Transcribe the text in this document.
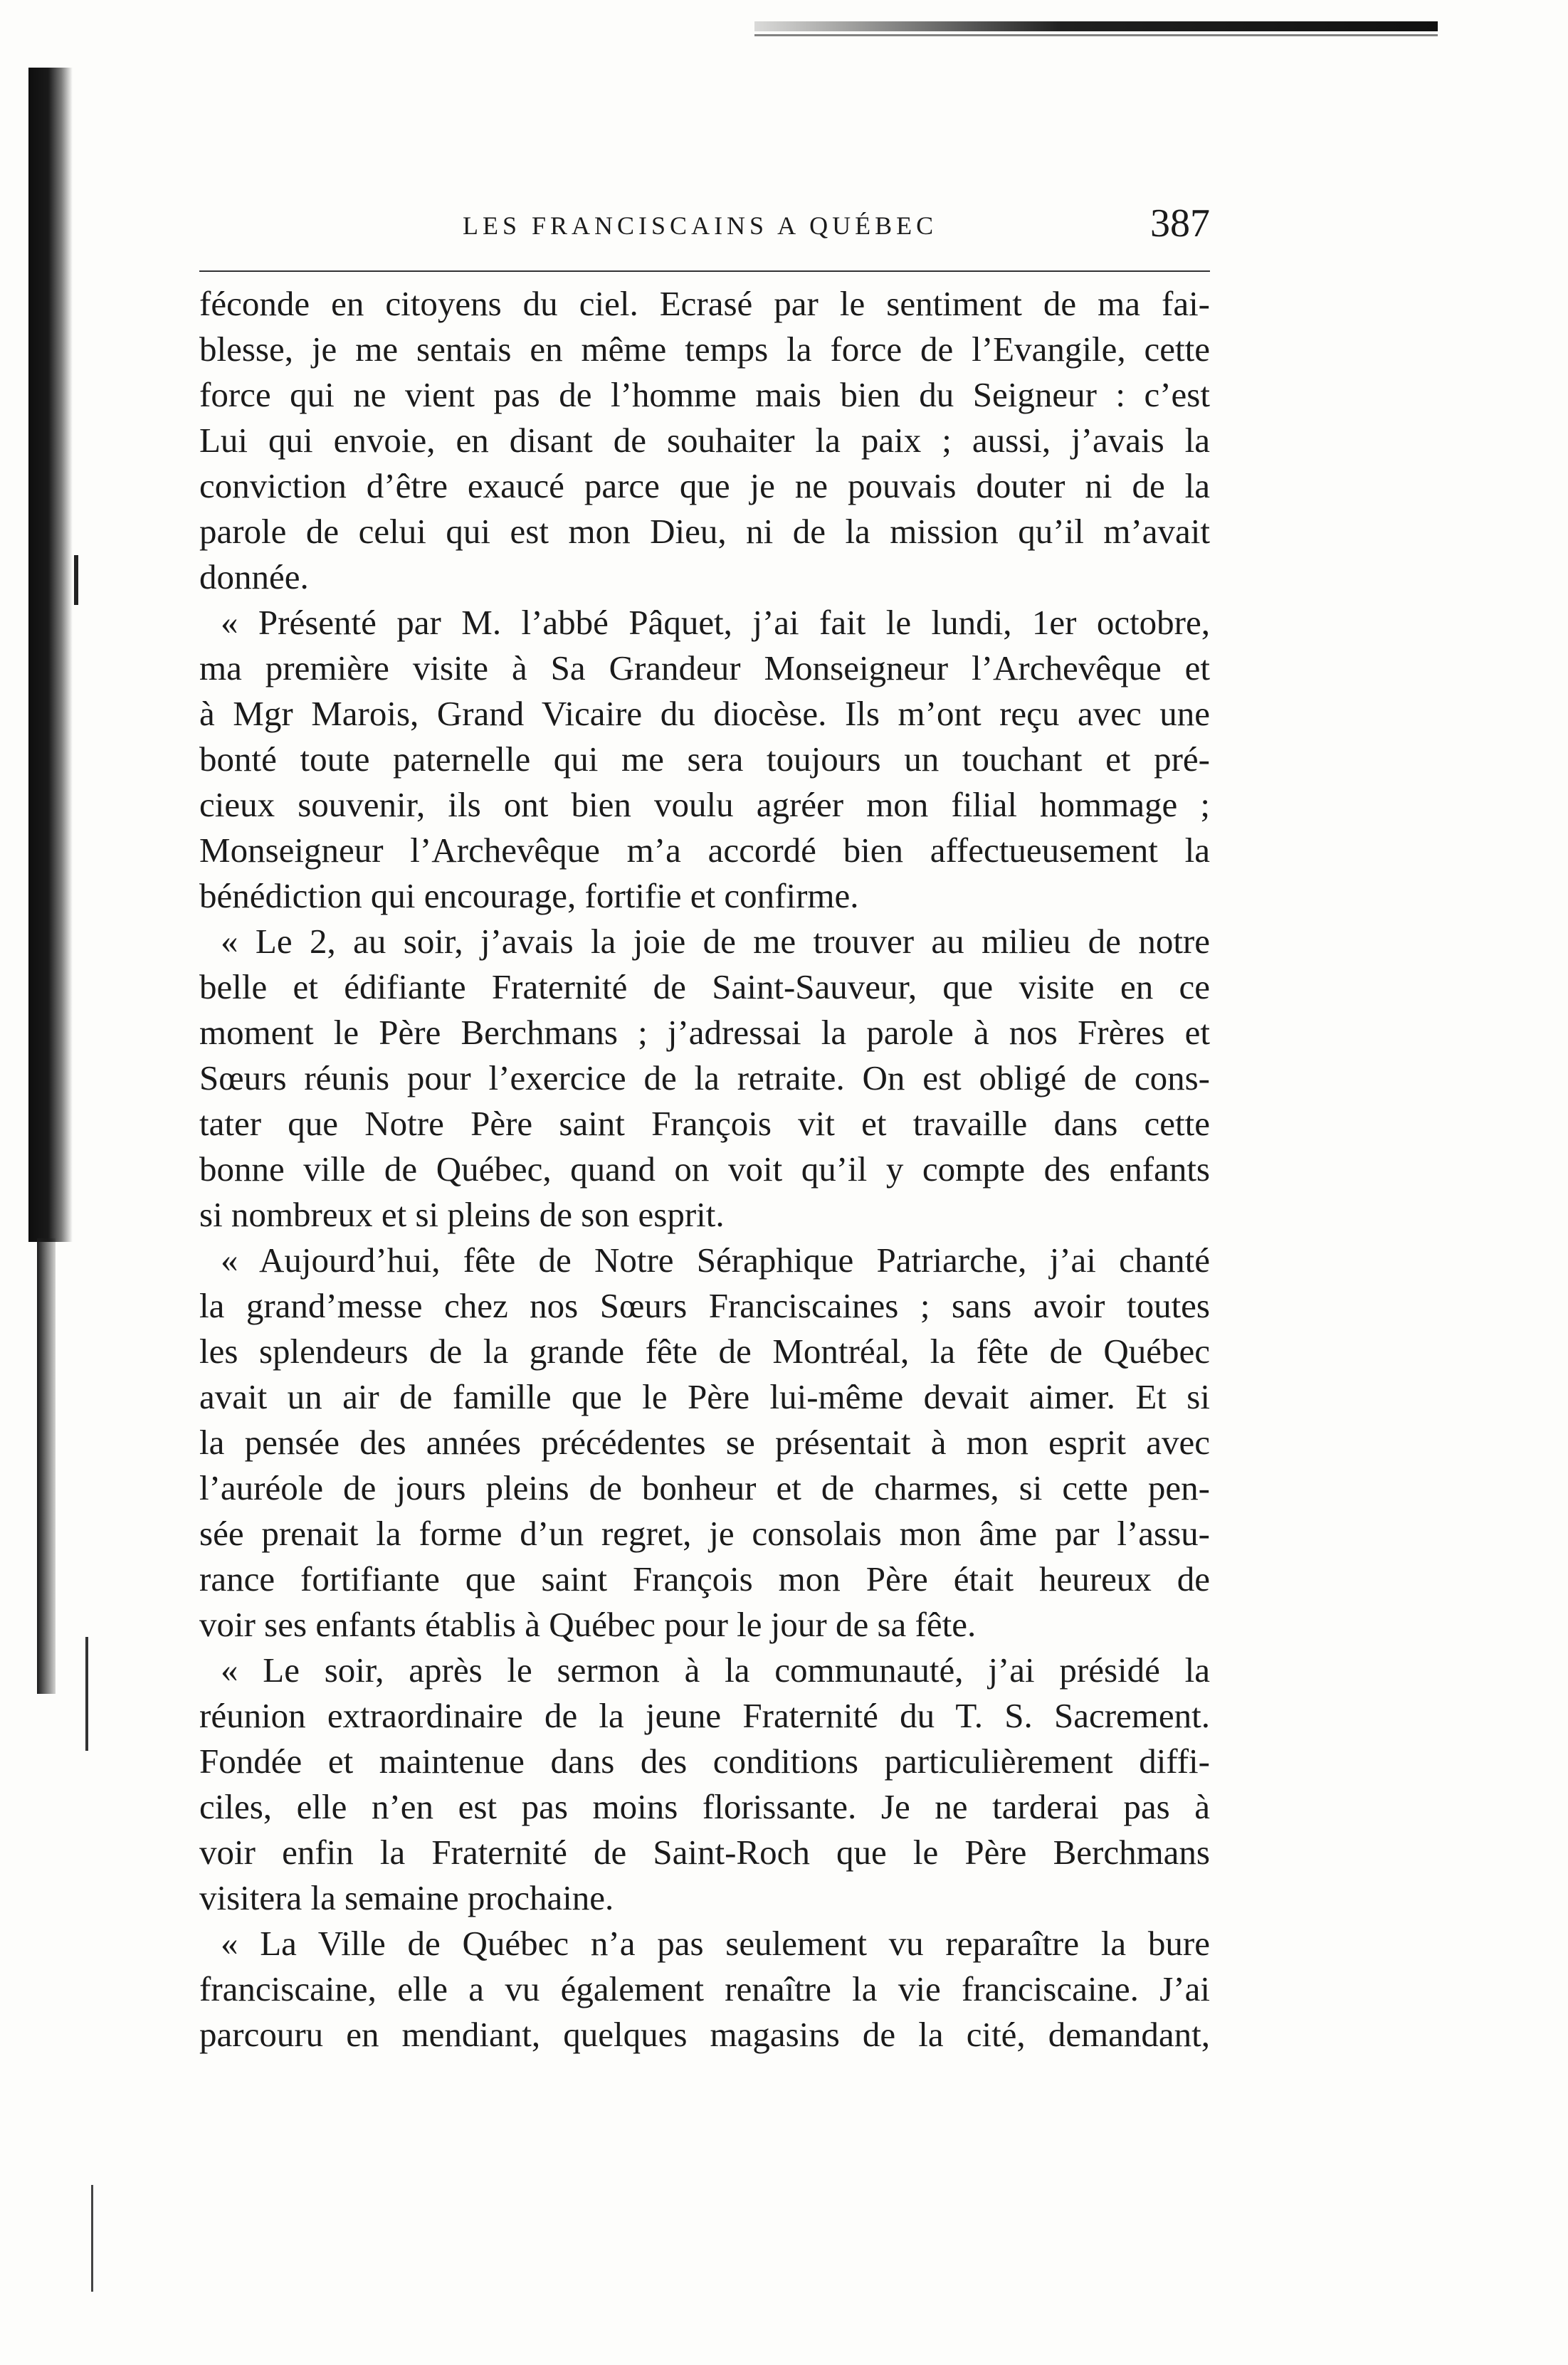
LES FRANCISCAINS A QUÉBEC	387
féconde en citoyens du ciel. Ecrasé par le sentiment de ma fai-
blesse, je me sentais en même temps la force de l’Evangile, cette
force qui ne vient pas de l’homme mais bien du Seigneur : c’est
Lui qui envoie, en disant de souhaiter la paix ; aussi, j’avais la
conviction d’être exaucé parce que je ne pouvais douter ni de la
parole de celui qui est mon Dieu, ni de la mission qu’il m’avait
donnée.
« Présenté par M. l’abbé Pâquet, j’ai fait le lundi, 1er octobre,
ma première visite à Sa Grandeur Monseigneur l’Archevêque et
à Mgr Marois, Grand Vicaire du diocèse. Ils m’ont reçu avec une
bonté toute paternelle qui me sera toujours un touchant et pré-
cieux souvenir, ils ont bien voulu agréer mon filial hommage ;
Monseigneur l’Archevêque m’a accordé bien affectueusement la
bénédiction qui encourage, fortifie et confirme.
« Le 2, au soir, j’avais la joie de me trouver au milieu de notre
belle et édifiante Fraternité de Saint-Sauveur, que visite en ce
moment le Père Berchmans ; j’adressai la parole à nos Frères et
Sœurs réunis pour l’exercice de la retraite. On est obligé de cons-
tater que Notre Père saint François vit et travaille dans cette
bonne ville de Québec, quand on voit qu’il y compte des enfants
si nombreux et si pleins de son esprit.
« Aujourd’hui, fête de Notre Séraphique Patriarche, j’ai chanté
la grand’messe chez nos Sœurs Franciscaines ; sans avoir toutes
les splendeurs de la grande fête de Montréal, la fête de Québec
avait un air de famille que le Père lui-même devait aimer. Et si
la pensée des années précédentes se présentait à mon esprit avec
l’auréole de jours pleins de bonheur et de charmes, si cette pen-
sée prenait la forme d’un regret, je consolais mon âme par l’assu-
rance fortifiante que saint François mon Père était heureux de
voir ses enfants établis à Québec pour le jour de sa fête.
« Le soir, après le sermon à la communauté, j’ai présidé la
réunion extraordinaire de la jeune Fraternité du T. S. Sacrement.
Fondée et maintenue dans des conditions particulièrement diffi-
ciles, elle n’en est pas moins florissante. Je ne tarderai pas à
voir enfin la Fraternité de Saint-Roch que le Père Berchmans
visitera la semaine prochaine.
« La Ville de Québec n’a pas seulement vu reparaître la bure
franciscaine, elle a vu également renaître la vie franciscaine. J’ai
parcouru en mendiant, quelques magasins de la cité, demandant,
